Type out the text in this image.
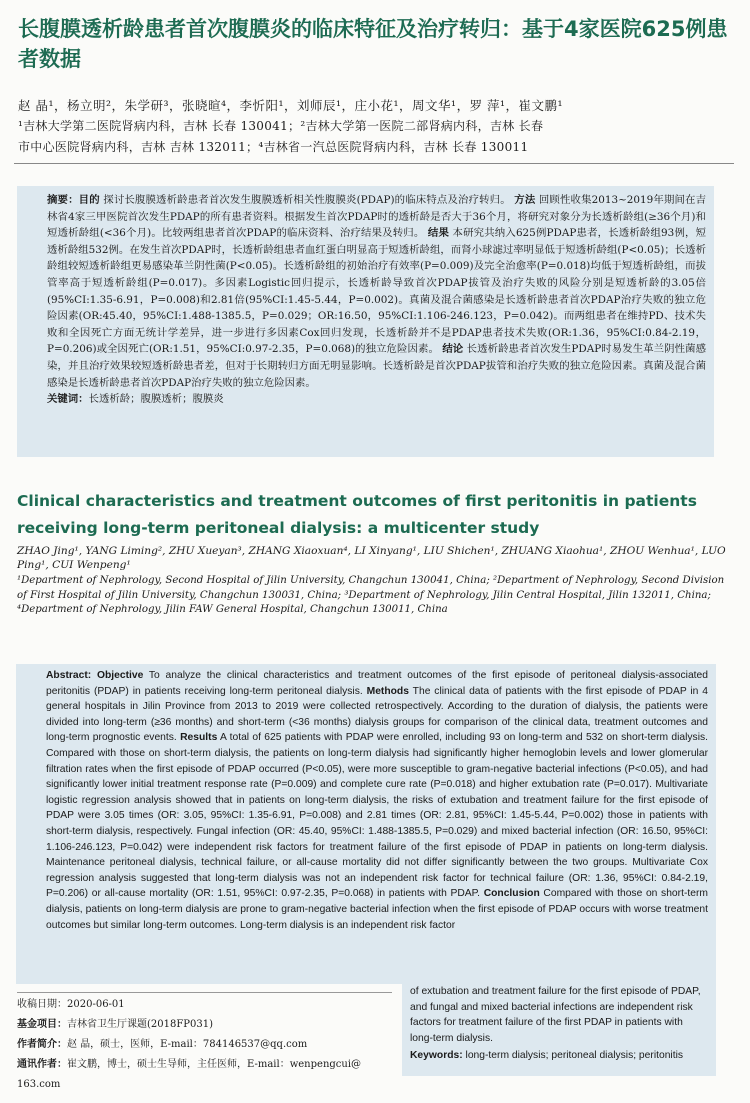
长腹膜透析龄患者首次腹膜炎的临床特征及治疗转归：基于4家医院625例患者数据
赵 晶¹，杨立明²，朱学研³，张晓暄⁴，李忻阳¹，刘师辰¹，庄小花¹，周文华¹，罗 萍¹，崔文鹏¹
¹吉林大学第二医院肾病内科，吉林 长春 130041；²吉林大学第一医院二部肾病内科，吉林 长春
市中心医院肾病内科，吉林 吉林 132011；⁴吉林省一汽总医院肾病内科，吉林 长春 130011

摘要：目的 探讨长腹膜透析龄患者首次发生腹膜透析相关性腹膜炎(PDAP)的临床特点及治疗转归。 方法 回顾性收集2013~2019年期间在吉林省4家三甲医院首次发生PDAP的所有患者资料。根据发生首次PDAP时的透析龄是否大于36个月，将研究对象分为长透析龄组(≥36个月)和短透析龄组(<36个月)。比较两组患者首次PDAP的临床资料、治疗结果及转归。 结果 本研究共纳入625例PDAP患者，长透析龄组93例，短透析龄组532例。在发生首次PDAP时，长透析龄组患者血红蛋白明显高于短透析龄组，而肾小球滤过率明显低于短透析龄组(P<0.05)；长透析龄组较短透析龄组更易感染革兰阴性菌(P<0.05)。长透析龄组的初始治疗有效率(P=0.009)及完全治愈率(P=0.018)均低于短透析龄组，而拔管率高于短透析龄组(P=0.017)。多因素Logistic回归提示，长透析龄导致首次PDAP拔管及治疗失败的风险分别是短透析龄的3.05倍(95%CI:1.35-6.91，P=0.008)和2.81倍(95%CI:1.45-5.44，P=0.002)。真菌及混合菌感染是长透析龄患者首次PDAP治疗失败的独立危险因素(OR:45.40，95%CI:1.488-1385.5，P=0.029；OR:16.50，95%CI:1.106-246.123，P=0.042)。而两组患者在维持PD、技术失败和全因死亡方面无统计学差异，进一步进行多因素Cox回归发现，长透析龄并不是PDAP患者技术失败(OR:1.36，95%CI:0.84-2.19，P=0.206)或全因死亡(OR:1.51，95%CI:0.97-2.35，P=0.068)的独立危险因素。 结论 长透析龄患者首次发生PDAP时易发生革兰阴性菌感染，并且治疗效果较短透析龄患者差，但对于长期转归方面无明显影响。长透析龄是首次PDAP拔管和治疗失败的独立危险因素。真菌及混合菌感染是长透析龄患者首次PDAP治疗失败的独立危险因素。

关键词：长透析龄；腹膜透析；腹膜炎

Clinical characteristics and treatment outcomes of first peritonitis in patients receiving long-term peritoneal dialysis: a multicenter study
ZHAO Jing¹, YANG Liming², ZHU Xueyan³, ZHANG Xiaoxuan⁴, LI Xinyang¹, LIU Shichen¹, ZHUANG Xiaohua¹, ZHOU Wenhua¹, LUO Ping¹, CUI Wenpeng¹
¹Department of Nephrology, Second Hospital of Jilin University, Changchun 130041, China; ²Department of Nephrology, Second Division of First Hospital of Jilin University, Changchun 130031, China; ³Department of Nephrology, Jilin Central Hospital, Jilin 132011, China; ⁴Department of Nephrology, Jilin FAW General Hospital, Changchun 130011, China

Abstract: Objective To analyze the clinical characteristics and treatment outcomes of the first episode of peritoneal dialysis-associated peritonitis (PDAP) in patients receiving long-term peritoneal dialysis. Methods The clinical data of patients with the first episode of PDAP in 4 general hospitals in Jilin Province from 2013 to 2019 were collected retrospectively. According to the duration of dialysis, the patients were divided into long-term (≥36 months) and short-term (<36 months) dialysis groups for comparison of the clinical data, treatment outcomes and long-term prognostic events. Results A total of 625 patients with PDAP were enrolled, including 93 on long-term and 532 on short-term dialysis. Compared with those on short-term dialysis, the patients on long-term dialysis had significantly higher hemoglobin levels and lower glomerular filtration rates when the first episode of PDAP occurred (P<0.05), were more susceptible to gram-negative bacterial infections (P<0.05), and had significantly lower initial treatment response rate (P=0.009) and complete cure rate (P=0.018) and higher extubation rate (P=0.017). Multivariate logistic regression analysis showed that in patients on long-term dialysis, the risks of extubation and treatment failure for the first episode of PDAP were 3.05 times (OR: 3.05, 95%CI: 1.35-6.91, P=0.008) and 2.81 times (OR: 2.81, 95%CI: 1.45-5.44, P=0.002) those in patients with short-term dialysis, respectively. Fungal infection (OR: 45.40, 95%CI: 1.488-1385.5, P=0.029) and mixed bacterial infection (OR: 16.50, 95%CI: 1.106-246.123, P=0.042) were independent risk factors for treatment failure of the first episode of PDAP in patients on long-term dialysis. Maintenance peritoneal dialysis, technical failure, or all-cause mortality did not differ significantly between the two groups. Multivariate Cox regression analysis suggested that long-term dialysis was not an independent risk factor for technical failure (OR: 1.36, 95%CI: 0.84-2.19, P=0.206) or all-cause mortality (OR: 1.51, 95%CI: 0.97-2.35, P=0.068) in patients with PDAP. Conclusion Compared with those on short-term dialysis, patients on long-term dialysis are prone to gram-negative bacterial infection when the first episode of PDAP occurs with worse treatment outcomes but similar long-term outcomes. Long-term dialysis is an independent risk factor

of extubation and treatment failure for the first episode of PDAP, and fungal and mixed bacterial infections are independent risk factors for treatment failure of the first PDAP in patients with long-term dialysis.

Keywords: long-term dialysis; peritoneal dialysis; peritonitis

收稿日期：2020-06-01
基金项目：吉林省卫生厅课题(2018FP031)
作者简介：赵 晶，硕士，医师，E-mail：784146537@qq.com
通讯作者：崔文鹏，博士，硕士生导师，主任医师，E-mail：wenpengcui@
163.com
